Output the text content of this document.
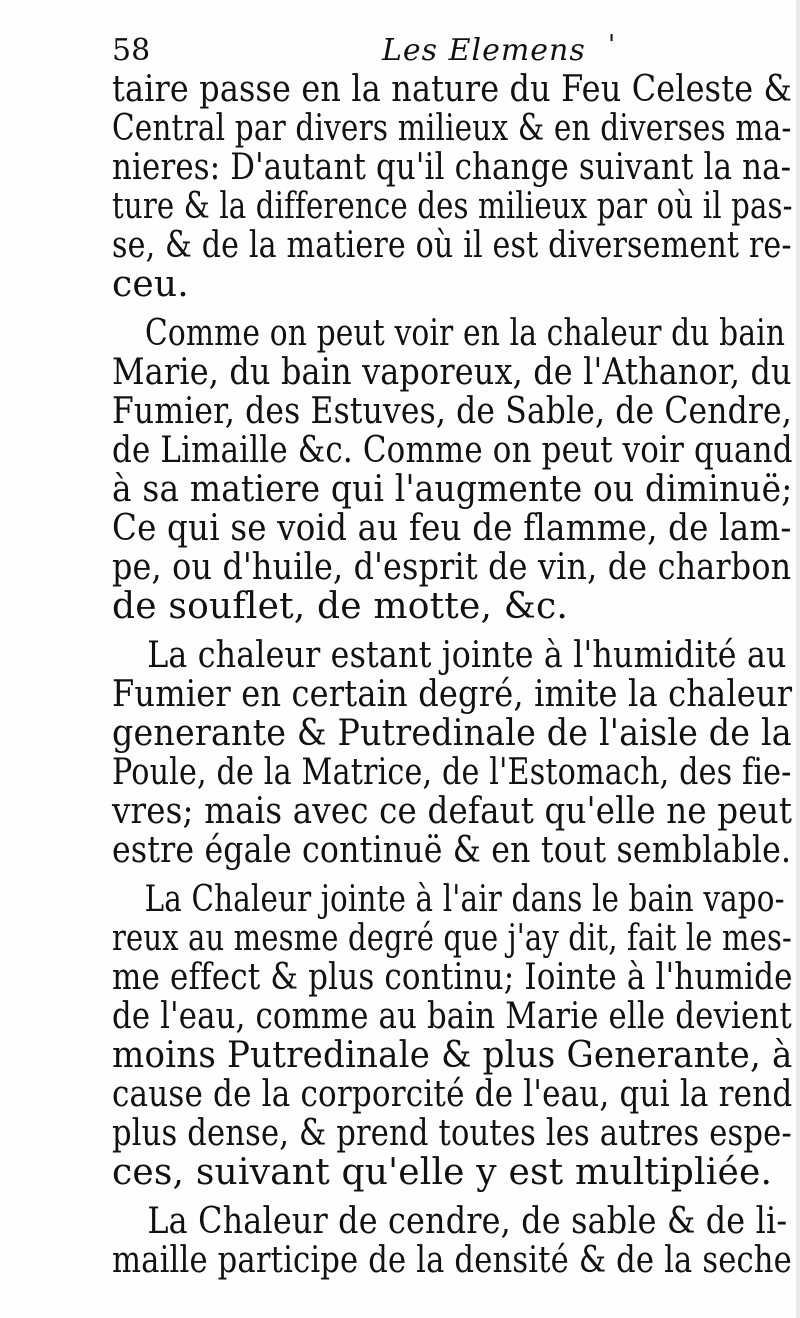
58	Les Elemens '
taire passe en la nature du Feu Celeste &
Central par divers milieux & en diverses ma-
nieres: D'autant qu'il change suivant la na-
ture & la difference des milieux par où il pas-
se, & de la matiere où il est diversement re-
ceu.
Comme on peut voir en la chaleur du bain
Marie, du bain vaporeux, de l'Athanor, du
Fumier, des Estuves, de Sable, de Cendre,
de Limaille &c. Comme on peut voir quand
à sa matiere qui l'augmente ou diminuë;
Ce qui se void au feu de flamme, de lam-
pe, ou d'huile, d'esprit de vin, de charbon
de souflet, de motte, &c.
La chaleur estant jointe à l'humidité au
Fumier en certain degré, imite la chaleur
generante & Putredinale de l'aisle de la
Poule, de la Matrice, de l'Estomach, des fie-
vres; mais avec ce defaut qu'elle ne peut
estre égale continuë & en tout semblable.
La Chaleur jointe à l'air dans le bain vapo-
reux au mesme degré que j'ay dit, fait le mes-
me effect & plus continu; Iointe à l'humide
de l'eau, comme au bain Marie elle devient
moins Putredinale & plus Generante, à
cause de la corporcité de l'eau, qui la rend
plus dense, & prend toutes les autres espe-
ces, suivant qu'elle y est multipliée.
La Chaleur de cendre, de sable & de li-
maille participe de la densité & de la seche
